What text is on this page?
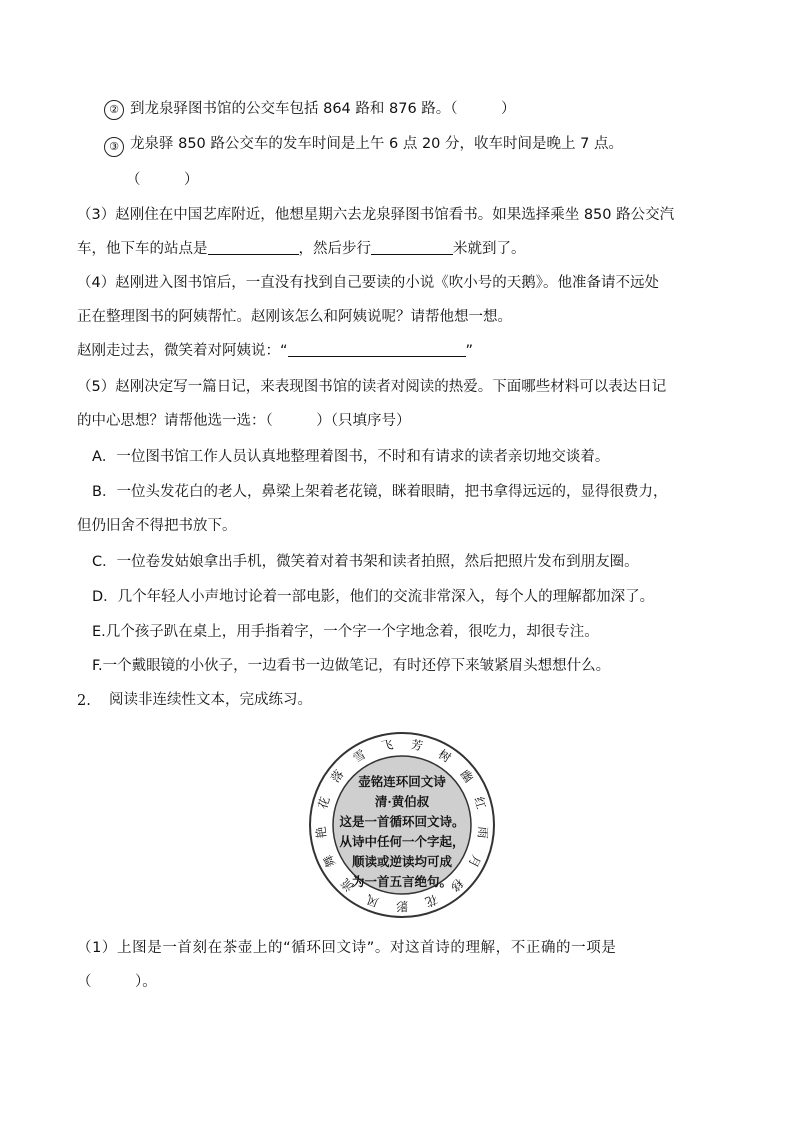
② 到龙泉驿图书馆的公交车包括 864 路和 876 路。（　　　）
③ 龙泉驿 850 路公交车的发车时间是上午 6 点 20 分，收车时间是晚上 7 点。
（　　　）
（3）赵刚住在中国艺库附近，他想星期六去龙泉驿图书馆看书。如果选择乘坐 850 路公交汽
车，他下车的站点是	，然后步行	米就到了。
（4）赵刚进入图书馆后，一直没有找到自己要读的小说《吹小号的天鹅》。他准备请不远处
正在整理图书的阿姨帮忙。赵刚该怎么和阿姨说呢？请帮他想一想。
赵刚走过去，微笑着对阿姨说：“	”
（5）赵刚决定写一篇日记，来表现图书馆的读者对阅读的热爱。下面哪些材料可以表达日记
的中心思想？请帮他选一选：（　　　）（只填序号）
A．一位图书馆工作人员认真地整理着图书，不时和有请求的读者亲切地交谈着。
B．一位头发花白的老人，鼻梁上架着老花镜，眯着眼睛，把书拿得远远的，显得很费力，
但仍旧舍不得把书放下。
C．一位卷发姑娘拿出手机，微笑着对着书架和读者拍照，然后把照片发布到朋友圈。
D．几个年轻人小声地讨论着一部电影，他们的交流非常深入，每个人的理解都加深了。
E.几个孩子趴在桌上，用手指着字，一个字一个字地念着，很吃力，却很专注。
F.一个戴眼镜的小伙子，一边看书一边做笔记，有时还停下来皱紧眉头想想什么。
2. 阅读非连续性文本，完成练习。
落
雪
飞 芳
树
幽
红
雨
月
移
花
影
风
流
舞
艳
花
壶铭连环回文诗
清·黄伯叔
这是一首循环回文诗。
从诗中任何一个字起，
顺读或逆读均可成
为一首五言绝句。
（1）上图是一首刻在茶壶上的“循环回文诗”。对这首诗的理解，不正确的一项是
（　　　）。
